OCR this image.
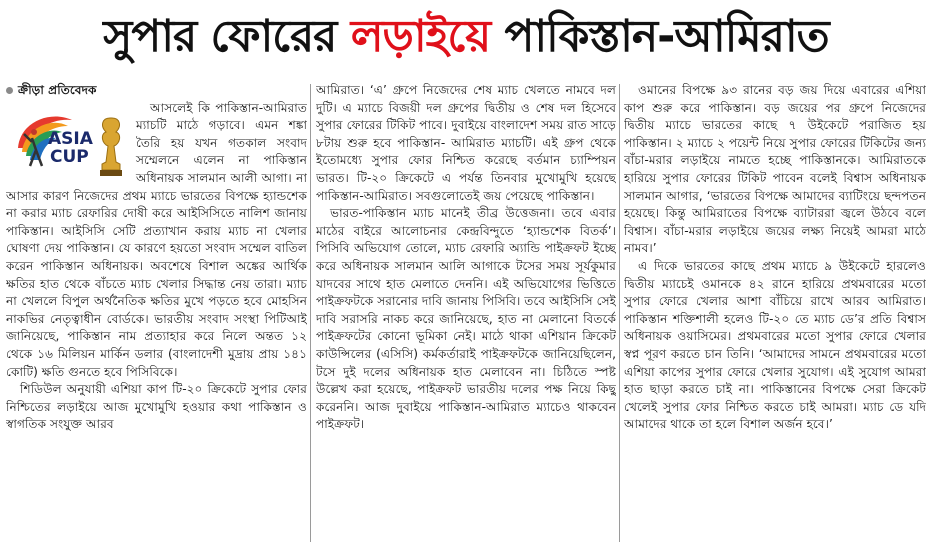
সুপার ফোরের লড়াইয়ে পাকিস্তান-আমিরাত
ক্রীড়া প্রতিবেদক
ASIA
CUP

আসলেই কি পাকিস্তান-আমিরাত ম্যাচটি মাঠে গড়াবে। এমন শঙ্কা তৈরি হয় যখন গতকাল সংবাদ সম্মেলনে এলেন না পাকিস্তান অধিনায়ক সালমান আলী আগা। না আসার কারণ নিজেদের প্রথম ম্যাচে ভারতের বিপক্ষে হ্যান্ডশেক না করার ম্যাচ রেফারির দোষী করে আইসিসিতে নালিশ জানায় পাকিস্তান। আইসিসি সেটি প্রত্যাখান করায় ম্যাচ না খেলার ঘোষণা দেয় পাকিস্তান। যে কারণে হয়তো সংবাদ সম্মেল বাতিল করেন পাকিস্তান অধিনায়ক। অবশেষে বিশাল অঙ্কের আর্থিক ক্ষতির হাত থেকে বাঁচতে ম্যাচ খেলার সিদ্ধান্ত নেয় তারা। ম্যাচ না খেললে বিপুল অর্থনৈতিক ক্ষতির মুখে পড়তে হবে মোহসিন নাকভির নেতৃত্বাধীন বোর্ডকে। ভারতীয় সংবাদ সংস্থা পিটিআই জানিয়েছে, পাকিস্তান নাম প্রত্যাহার করে নিলে অন্তত ১২ থেকে ১৬ মিলিয়ন মার্কিন ডলার (বাংলাদেশী মুদ্রায় প্রায় ১৪১ কোটি) ক্ষতি গুনতে হবে পিসিবিকে।

শিডিউল অনুযায়ী এশিয়া কাপ টি-২০ ক্রিকেটে সুপার ফোর নিশ্চিতের লড়াইয়ে আজ মুখোমুখি হওয়ার কথা পাকিস্তান ও স্বাগতিক সংযুক্ত আরব

আমিরাত। ‘এ’ গ্রুপে নিজেদের শেষ ম্যাচ খেলতে নামবে দল দুটি। এ ম্যাচে বিজয়ী দল গ্রুপের দ্বিতীয় ও শেষ দল হিসেবে সুপার ফোরের টিকিট পাবে। দুবাইয়ে বাংলাদেশ সময় রাত সাড়ে ৮টায় শুরু হবে পাকিস্তান- আমিরাত ম্যাচটি। এই গ্রুপ থেকে ইতোমধ্যে সুপার ফোর নিশ্চিত করেছে বর্তমান চ্যাম্পিয়ন ভারত। টি-২০ ক্রিকেটে এ পর্যন্ত তিনবার মুখোমুখি হয়েছে পাকিস্তান-আমিরাত। সবগুলোতেই জয় পেয়েছে পাকিস্তান।

ভারত-পাকিস্তান ম্যাচ মানেই তীব্র উত্তেজনা। তবে এবার মাঠের বাইরে আলোচনার কেন্দ্রবিন্দুতে ‘হ্যান্ডশেক বিতর্ক’। পিসিবি অভিযোগ তোলে, ম্যাচ রেফারি অ্যান্ডি পাইক্রফট ইচ্ছে করে অধিনায়ক সালমান আলি আগাকে টসের সময় সূর্যকুমার যাদবের সাথে হাত মেলাতে দেননি। এই অভিযোগের ভিত্তিতে পাইক্রফটকে সরানোর দাবি জানায় পিসিবি। তবে আইসিসি সেই দাবি সরাসরি নাকচ করে জানিয়েছে, হাত না মেলানো বিতর্কে পাইক্রফটের কোনো ভূমিকা নেই। মাঠে থাকা এশিয়ান ক্রিকেট কাউন্সিলের (এসিসি) কর্মকর্তারাই পাইক্রফটকে জানিয়েছিলেন, টসে দুই দলের অধিনায়ক হাত মেলাবেন না। চিঠিতে স্পষ্ট উল্লেখ করা হয়েছে, পাইক্রফট ভারতীয় দলের পক্ষ নিয়ে কিছু করেননি। আজ দুবাইয়ে পাকিস্তান-আমিরাত ম্যাচেও থাকবেন পাইক্রফট।

ওমানের বিপক্ষে ৯৩ রানের বড় জয় দিয়ে এবারের এশিয়া কাপ শুরু করে পাকিস্তান। বড় জয়ের পর গ্রুপে নিজেদের দ্বিতীয় ম্যাচে ভারতের কাছে ৭ উইকেটে পরাজিত হয় পাকিস্তান। ২ ম্যাচে ২ পয়েন্ট নিয়ে সুপার ফোরের টিকিটের জন্য বাঁচা-মরার লড়াইয়ে নামতে হচ্ছে পাকিস্তানকে। আমিরাতকে হারিয়ে সুপার ফোরের টিকিট পাবেন বলেই বিশ্বাস অধিনায়ক সালমান আগার, ‘ভারতের বিপক্ষে আমাদের ব্যাটিংয়ে ছন্দপতন হয়েছে। কিন্তু আমিরাতের বিপক্ষে ব্যাটাররা জ্বলে উঠবে বলে বিশ্বাস। বাঁচা-মরার লড়াইয়ে জয়ের লক্ষ্য নিয়েই আমরা মাঠে নামব।’

এ দিকে ভারতের কাছে প্রথম ম্যাচে ৯ উইকেটে হারলেও দ্বিতীয় ম্যাচেই ওমানকে ৪২ রানে হারিয়ে প্রথমবারের মতো সুপার ফোরে খেলার আশা বাঁচিয়ে রাখে আরব আমিরাত। পাকিস্তান শক্তিশালী হলেও টি-২০ তে ম্যাচ ডে’র প্রতি বিশ্বাস অধিনায়ক ওয়াসিমের। প্রথমবারের মতো সুপার ফোরে খেলার স্বপ্ন পূরণ করতে চান তিনি। ‘আমাদের সামনে প্রথমবারের মতো এশিয়া কাপের সুপার ফোরে খেলার সুযোগ। এই সুযোগ আমরা হাত ছাড়া করতে চাই না। পাকিস্তানের বিপক্ষে সেরা ক্রিকেট খেলেই সুপার ফোর নিশ্চিত করতে চাই আমরা। ম্যাচ ডে যদি আমাদের থাকে তা হলে বিশাল অর্জন হবে।’
